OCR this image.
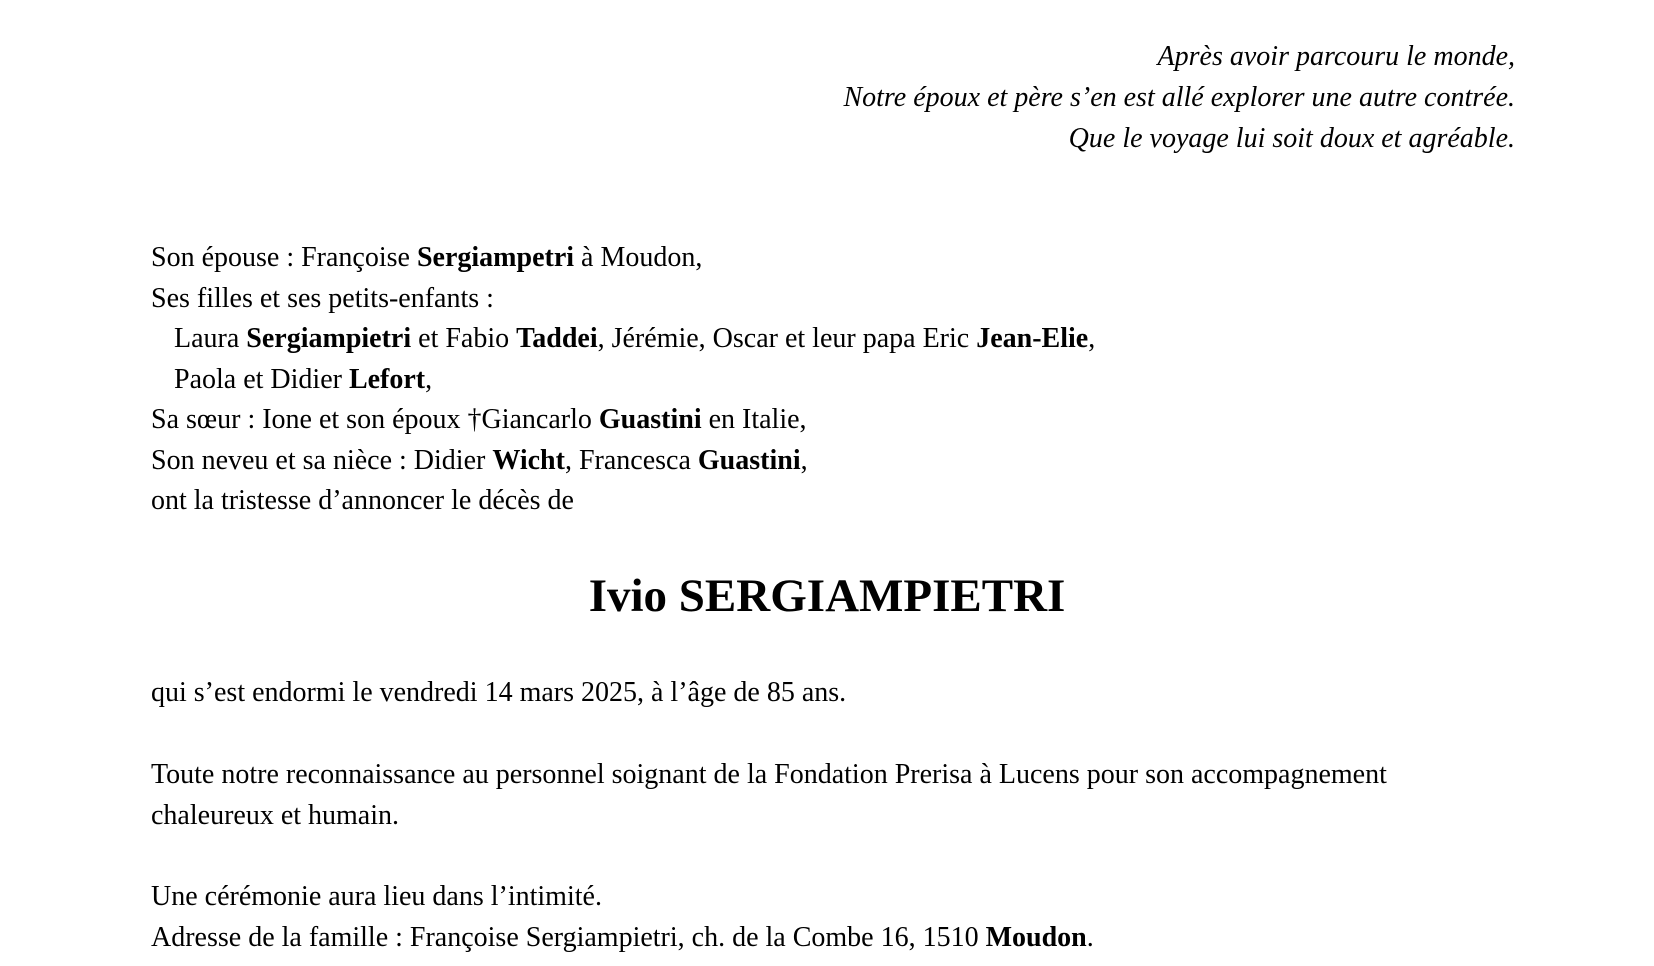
Après avoir parcouru le monde,
Notre époux et père s’en est allé explorer une autre contrée.
Que le voyage lui soit doux et agréable.
Son épouse : Françoise Sergiampetri à Moudon,
Ses filles et ses petits-enfants :
Laura Sergiampietri et Fabio Taddei, Jérémie, Oscar et leur papa Eric Jean-Elie,
Paola et Didier Lefort,
Sa sœur : Ione et son époux †Giancarlo Guastini en Italie,
Son neveu et sa nièce : Didier Wicht, Francesca Guastini,
ont la tristesse d’annoncer le décès de
Ivio SERGIAMPIETRI
qui s’est endormi le vendredi 14 mars 2025, à l’âge de 85 ans.
Toute notre reconnaissance au personnel soignant de la Fondation Prerisa à Lucens pour son accompagnement chaleureux et humain.
Une cérémonie aura lieu dans l’intimité.
Adresse de la famille : Françoise Sergiampietri, ch. de la Combe 16, 1510 Moudon.
